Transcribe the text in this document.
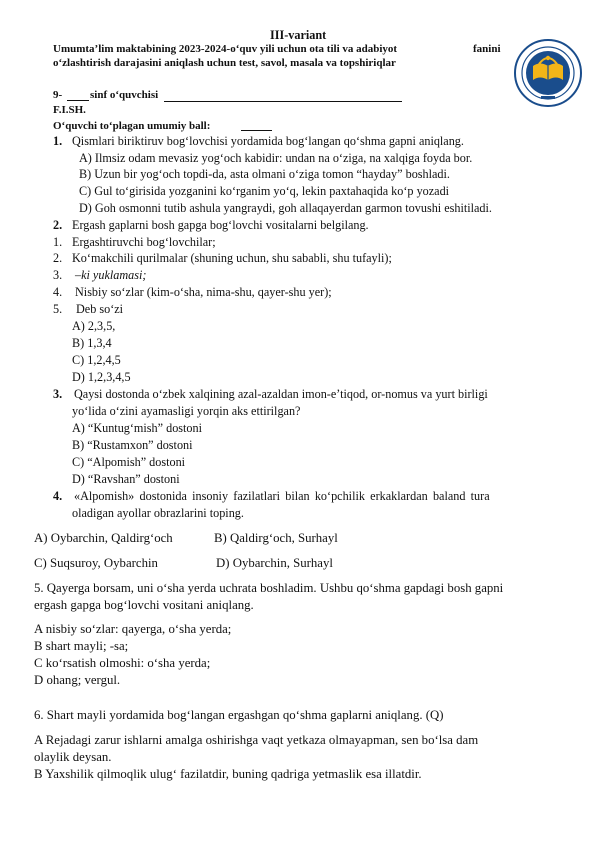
III-variant
Umumta’lim maktabining 2023-2024-o‘quv yili uchun ota tili va adabiyot	fanini
o‘zlashtirish darajasini aniqlash uchun test, savol, masala va topshiriqlar
9-	sinf o‘quvchisi
F.I.SH.
O‘quvchi to‘plagan umumiy ball:
1. Qismlari biriktiruv bog‘lovchisi yordamida bog‘langan qo‘shma gapni aniqlang.
A) Ilmsiz odam mevasiz yog‘och kabidir: undan na o‘ziga, na xalqiga foyda bor.
B) Uzun bir yog‘och topdi-da, asta olmani o‘ziga tomon “hayday” boshladi.
C) Gul to‘girisida yozganini ko‘rganim yo‘q, lekin paxtahaqida ko‘p yozadi
D) Goh osmonni tutib ashula yangraydi, goh allaqayerdan garmon tovushi eshitiladi.
2. Ergash gaplarni bosh gapga bog‘lovchi vositalarni belgilang.
1. Ergashtiruvchi bog‘lovchilar;
2. Ko‘makchili qurilmalar (shuning uchun, shu sababli, shu tufayli);
3. –ki yuklamasi;
4. Nisbiy so‘zlar (kim-o‘sha, nima-shu, qayer-shu yer);
5. Deb so‘zi
A) 2,3,5,
B) 1,3,4
C) 1,2,4,5
D) 1,2,3,4,5
3. Qaysi dostonda o‘zbek xalqining azal-azaldan imon-e’tiqod, or-nomus va yurt birligi
yo‘lida o‘zini ayamasligi yorqin aks ettirilgan?
A) “Kuntug‘mish” dostoni
B) “Rustamxon” dostoni
C) “Alpomish” dostoni
D) “Ravshan” dostoni
4. «Alpomish» dostonida insoniy fazilatlari bilan ko‘pchilik erkaklardan baland tura
oladigan ayollar obrazlarini toping.
A) Oybarchin, Qaldirg‘och	B) Qaldirg‘och, Surhayl
C) Suqsuroy, Oybarchin	D) Oybarchin, Surhayl
5. Qayerga borsam, uni o‘sha yerda uchrata boshladim. Ushbu qo‘shma gapdagi bosh gapni
ergash gapga bog‘lovchi vositani aniqlang.
A nisbiy so‘zlar: qayerga, o‘sha yerda;
B shart mayli; -sa;
C ko‘rsatish olmoshi: o‘sha yerda;
D ohang; vergul.
6. Shart mayli yordamida bog‘langan ergashgan qo‘shma gaplarni aniqlang. (Q)
A Rejadagi zarur ishlarni amalga oshirishga vaqt yetkaza olmayapman, sen bo‘lsa dam
olaylik deysan.
B Yaxshilik qilmoqlik ulug‘ fazilatdir, buning qadriga yetmaslik esa illatdir.
